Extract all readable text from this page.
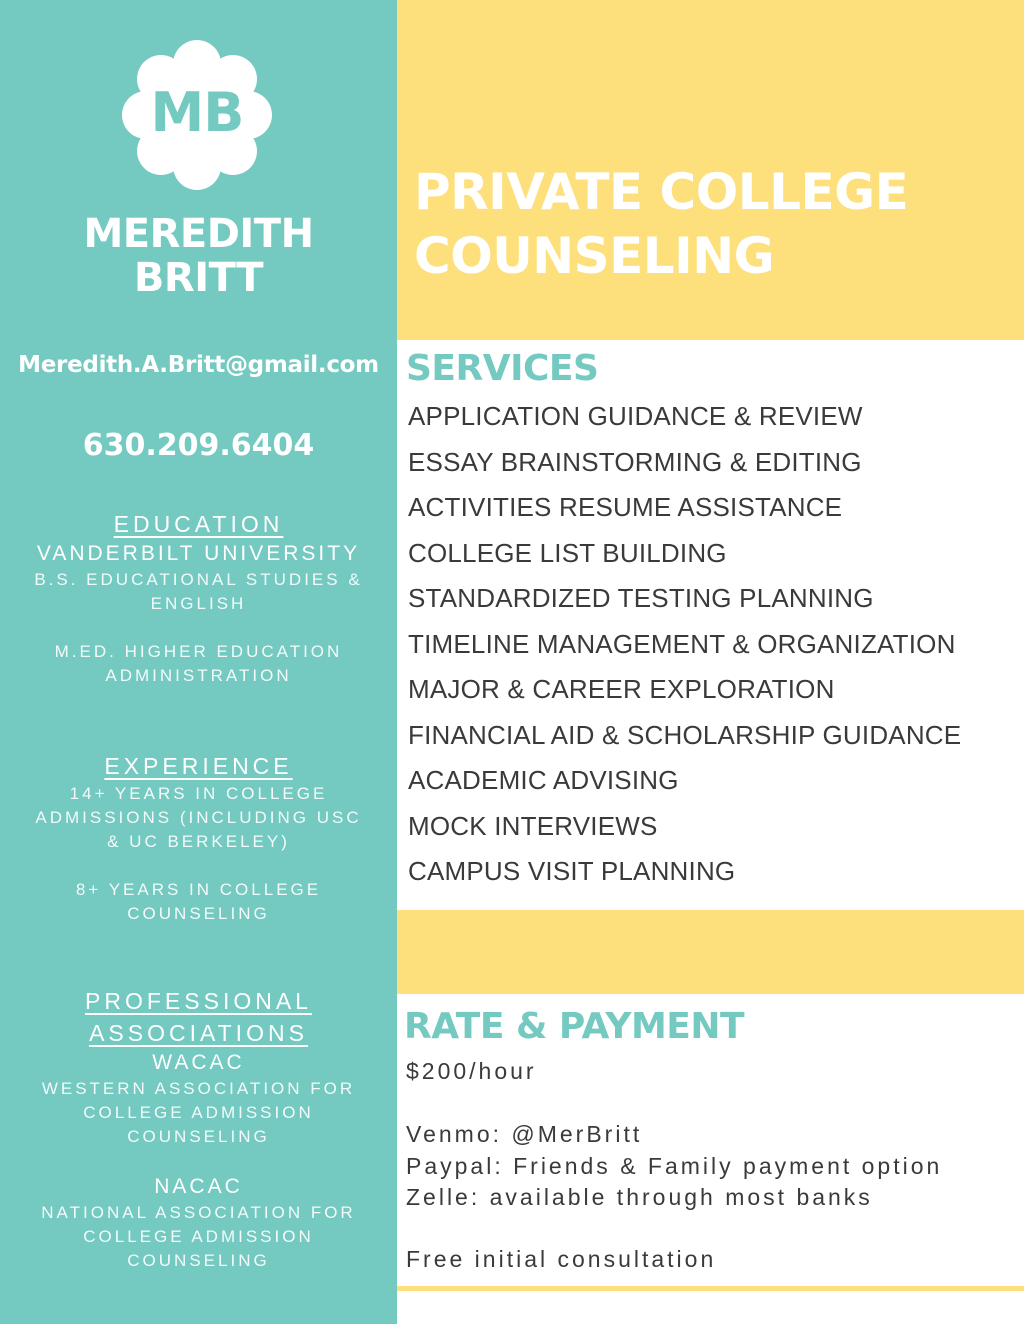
MB
MEREDITH
BRITT
Meredith.A.Britt@gmail.com
630.209.6404
EDUCATION
VANDERBILT UNIVERSITY
B.S. EDUCATIONAL STUDIES & ENGLISH
M.ED. HIGHER EDUCATION ADMINISTRATION
EXPERIENCE
14+ YEARS IN COLLEGE ADMISSIONS (INCLUDING USC & UC BERKELEY)
8+ YEARS IN COLLEGE COUNSELING
PROFESSIONAL
ASSOCIATIONS
WACAC
WESTERN ASSOCIATION FOR COLLEGE ADMISSION COUNSELING
NACAC
NATIONAL ASSOCIATION FOR COLLEGE ADMISSION COUNSELING
PRIVATE COLLEGE
COUNSELING
SERVICES
APPLICATION GUIDANCE & REVIEW
ESSAY BRAINSTORMING & EDITING
ACTIVITIES RESUME ASSISTANCE
COLLEGE LIST BUILDING
STANDARDIZED TESTING PLANNING
TIMELINE MANAGEMENT & ORGANIZATION
MAJOR & CAREER EXPLORATION
FINANCIAL AID & SCHOLARSHIP GUIDANCE
ACADEMIC ADVISING
MOCK INTERVIEWS
CAMPUS VISIT PLANNING
RATE & PAYMENT
$200/hour
Venmo: @MerBritt
Paypal: Friends & Family payment option
Zelle: available through most banks
Free initial consultation
